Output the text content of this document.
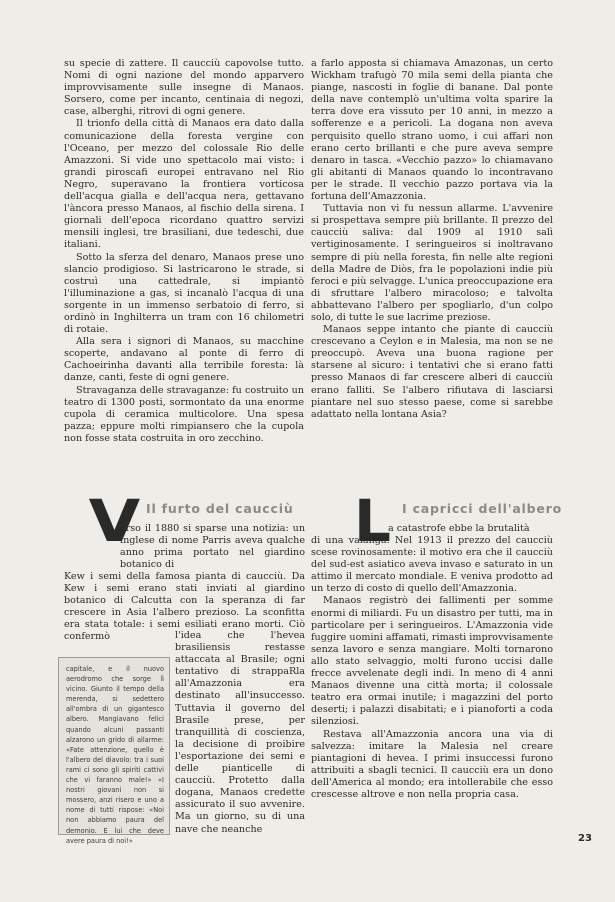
su specie di zattere. Il caucciù capovolse tutto. Nomi di ogni nazione del mondo apparvero improvvisamente sulle insegne di Manaos. Sorsero, come per incanto, centinaia di negozi, case, alberghi, ritrovi di ogni genere.

Il trionfo della città di Manaos era dato dalla comunicazione della foresta vergine con l'Oceano, per mezzo del colossale Rio delle Amazzoni. Si vide uno spettacolo mai visto: i grandi piroscafi europei entravano nel Rio Negro, superavano la frontiera vorticosa dell'acqua gialla e dell'acqua nera, gettavano l'àncora presso Manaos, al fischio della sirena. I giornali dell'epoca ricordano quattro servizi mensili inglesi, tre brasiliani, due tedeschi, due italiani.

Sotto la sferza del denaro, Manaos prese uno slancio prodigioso. Si lastricarono le strade, si costruì una cattedrale, si impiantò l'illuminazione a gas, si incanalò l'acqua di una sorgente in un immenso serbatoio di ferro, si ordinò in Inghilterra un tram con 16 chilometri di rotaie.

Alla sera i signori di Manaos, su macchine scoperte, andavano al ponte di ferro di Cachoeirinha davanti alla terribile foresta: là danze, canti, feste di ogni genere.

Stravaganza delle stravaganze: fu costruito un teatro di 1300 posti, sormontato da una enorme cupola di ceramica multicolore. Una spesa pazza; eppure molti rimpiansero che la cupola non fosse stata costruita in oro zecchino.

a farlo apposta si chiamava Amazonas, un certo Wickham trafugò 70 mila semi della pianta che piange, nascosti in foglie di banane. Dal ponte della nave contemplò un'ultima volta sparire la terra dove era vissuto per 10 anni, in mezzo a sofferenze e a pericoli. La dogana non aveva perquisito quello strano uomo, i cui affari non erano certo brillanti e che pure aveva sempre denaro in tasca. «Vecchio pazzo» lo chiamavano gli abitanti di Manaos quando lo incontravano per le strade. Il vecchio pazzo portava via la fortuna dell'Amazzonia.

Tuttavia non vi fu nessun allarme. L'avvenire si prospettava sempre più brillante. Il prezzo del caucciù saliva: dal 1909 al 1910 salì vertiginosamente. I seringueiros si inoltravano sempre di più nella foresta, fin nelle alte regioni della Madre de Diòs, fra le popolazioni indie più feroci e più selvagge. L'unica preoccupazione era di sfruttare l'albero miracoloso; e talvolta abbattevano l'albero per spogliarlo, d'un colpo solo, di tutte le sue lacrime preziose.

Manaos seppe intanto che piante di caucciù crescevano a Ceylon e in Malesia, ma non se ne preoccupò. Aveva una buona ragione per starsene al sicuro: i tentativi che si erano fatti presso Manaos di far crescere alberi di caucciù erano falliti. Se l'albero rifiutava di lasciarsi piantare nel suo stesso paese, come si sarebbe adattato nella lontana Asia?

Il furto del caucciù	I capricci dell'albero
V	L

erso il 1880 si sparse una notizia: un inglese di nome Parris aveva qualche anno prima portato nel giardino botanico di

Kew i semi della famosa pianta di caucciù. Da Kew i semi erano stati inviati al giardino botanico di Calcutta con la speranza di far crescere in Asia l'albero prezioso. La sconfitta era stata totale: i semi esiliati erano morti. Ciò confermò	l'idea che l'hevea brasiliensis restasse attaccata al Brasile; ogni tentativo di strappaRla all'Amazzonia era destinato all'insuccesso. Tuttavia il governo del Brasile prese, per tranquillità di coscienza, la decisione di proibire l'esportazione dei semi e delle pianticelle di caucciù. Protetto dalla dogana, Manaos credette assicurato il suo avvenire. Ma un giorno, su di una nave che neanche

a catastrofe ebbe la brutalità

di una valanga. Nel 1913 il prezzo del caucciù scese rovinosamente: il motivo era che il caucciù del sud-est asiatico aveva invaso e saturato in un attimo il mercato mondiale. E veniva prodotto ad un terzo di costo di quello dell'Amazzonia.

Manaos registrò dei fallimenti per somme enormi di miliardi. Fu un disastro per tutti, ma in particolare per i seringueiros. L'Amazzonia vide fuggire uomini affamati, rimasti improvvisamente senza lavoro e senza mangiare. Molti tornarono allo stato selvaggio, molti furono uccisi dalle frecce avvelenate degli indi. In meno di 4 anni Manaos divenne una città morta; il colossale teatro era ormai inutile; i magazzini del porto deserti; i palazzi disabitati; e i pianoforti a coda silenziosi.

Restava all'Amazzonia ancora una via di salvezza: imitare la Malesia nel creare piantagioni di hevea. I primi insuccessi furono attribuiti a sbagli tecnici. Il caucciù era un dono dell'America al mondo; era intollerabile che esso crescesse altrove e non nella propria casa.

capitale, e il nuovo aerodromo che sorge lì vicino. Giunto il tempo della merenda, si sedettero all'ombra di un gigantesco albero. Mangiavano felici quando alcuni passanti alzarono un grido di allarme: «Fate attenzione, quello è l'albero del diavolo: tra i suoi rami ci sono gli spiriti cattivi che vi faranno male!» «I nostri giovani non si mossero, anzi risero e uno a nome di tutti rispose: «Noi non abbiamo paura del demonio. E lui che deve avere paura di noi!»	23
